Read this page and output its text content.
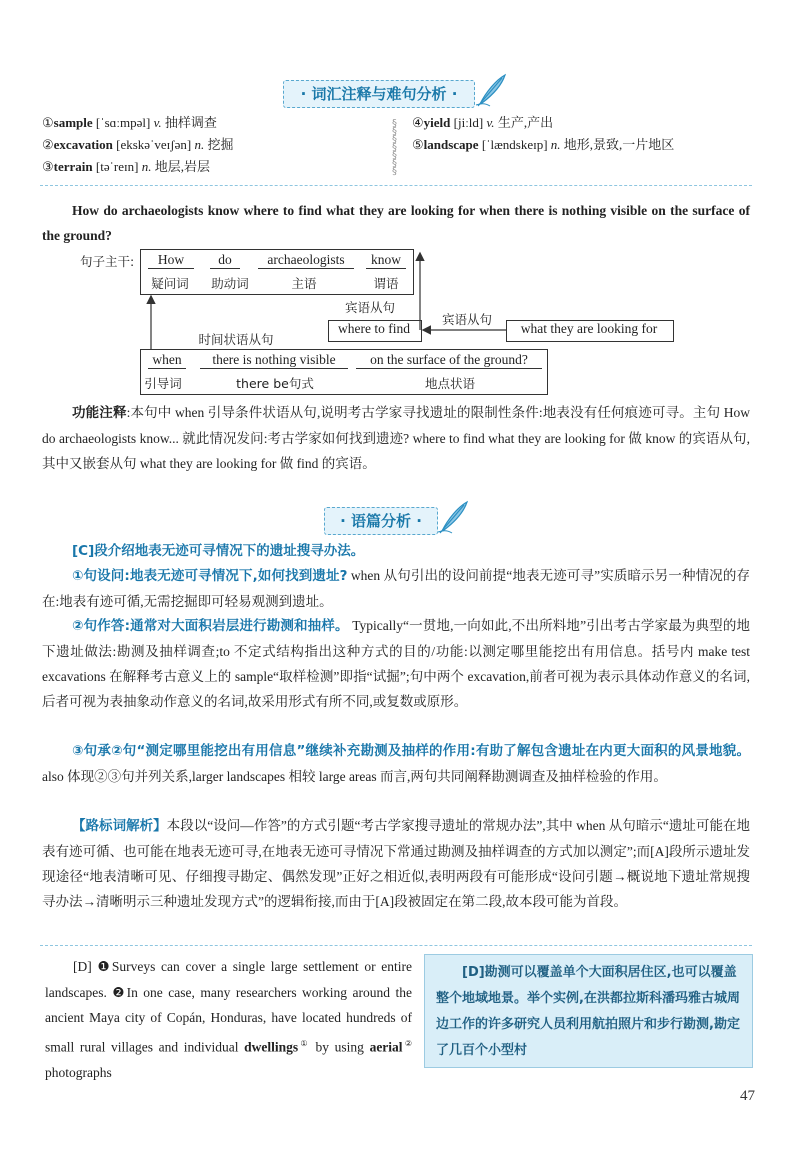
· 词汇注释与难句分析 ·
①sample [ˈsɑːmpəl] v. 抽样调查
②excavation [ekskəˈveɪʃən] n. 挖掘
③terrain [təˈreɪn] n. 地层,岩层
§
§
§
§
§
§
§
④yield [jiːld] v. 生产,产出
⑤landscape [ˈlændskeɪp] n. 地形,景致,一片地区
How do archaeologists know where to find what they are looking for when there is nothing visible on the surface of the ground?
句子主干:	How	do	archaeologists	know
疑问词	助动词	主语	谓语
宾语从句
where to find
宾语从句
what they are looking for
时间状语从句
when	there is nothing visible	on the surface of the ground?
引导词	there be句式	地点状语
功能注释:本句中 when 引导条件状语从句,说明考古学家寻找遗址的限制性条件:地表没有任何痕迹可寻。主句 How do archaeologists know... 就此情况发问:考古学家如何找到遗迹? where to find what they are looking for 做 know 的宾语从句,其中又嵌套从句 what they are looking for 做 find 的宾语。
· 语篇分析 ·
[C]段介绍地表无迹可寻情况下的遗址搜寻办法。
①句设问:地表无迹可寻情况下,如何找到遗址? when 从句引出的设问前提“地表无迹可寻”实质暗示另一种情况的存在:地表有迹可循,无需挖掘即可轻易观测到遗址。
②句作答:通常对大面积岩层进行勘测和抽样。 Typically“一贯地,一向如此,不出所料地”引出考古学家最为典型的地下遗址做法:勘测及抽样调查;to 不定式结构指出这种方式的目的/功能:以测定哪里能挖出有用信息。括号内 make test excavations 在解释考古意义上的 sample“取样检测”即指“试掘”;句中两个 excavation,前者可视为表示具体动作意义的名词,后者可视为表抽象动作意义的名词,故采用形式有所不同,或复数或原形。
③句承②句“测定哪里能挖出有用信息”继续补充勘测及抽样的作用:有助了解包含遗址在内更大面积的风景地貌。 also 体现②③句并列关系,larger landscapes 相较 large areas 而言,两句共同阐释勘测调查及抽样检验的作用。
【路标词解析】本段以“设问—作答”的方式引题“考古学家搜寻遗址的常规办法”,其中 when 从句暗示“遗址可能在地表有迹可循、也可能在地表无迹可寻,在地表无迹可寻情况下常通过勘测及抽样调查的方式加以测定”;而[A]段所示遗址发现途径“地表清晰可见、仔细搜寻勘定、偶然发现”正好之相近似,表明两段有可能形成“设问引题→概说地下遗址常规搜寻办法→清晰明示三种遗址发现方式”的逻辑衔接,而由于[A]段被固定在第二段,故本段可能为首段。
[D] ❶Surveys can cover a single large settlement or entire landscapes. ❷In one case, many researchers working around the ancient Maya city of Copán, Honduras, have located hundreds of small rural villages and individual dwellings① by using aerial② photographs
[D]勘测可以覆盖单个大面积居住区,也可以覆盖整个地域地景。举个实例,在洪都拉斯科潘玛雅古城周边工作的许多研究人员利用航拍照片和步行勘测,勘定了几百个小型村
47
